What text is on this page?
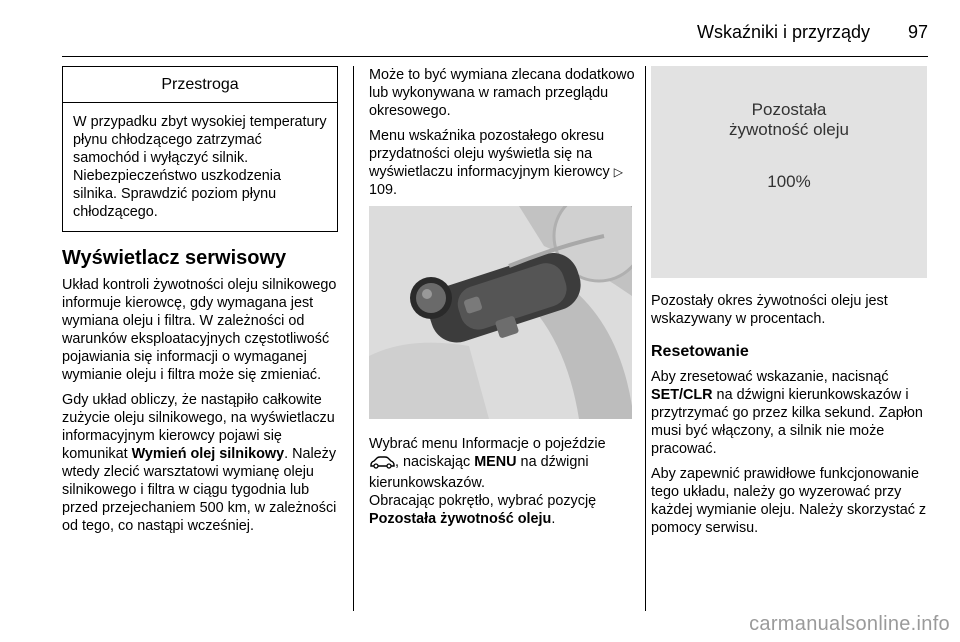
Wskaźniki i przyrządy 97
Przestroga
W przypadku zbyt wysokiej temperatury płynu chłodzącego zatrzymać samochód i wyłączyć silnik. Niebezpieczeństwo uszkodzenia silnika. Sprawdzić poziom płynu chłodzącego.
Wyświetlacz serwisowy

Układ kontroli żywotności oleju silnikowego informuje kierowcę, gdy wymagana jest wymiana oleju i filtra. W zależności od warunków eksploatacyjnych częstotliwość pojawiania się informacji o wymaganej wymianie oleju i filtra może się zmieniać.

Gdy układ obliczy, że nastąpiło całkowite zużycie oleju silnikowego, na wyświetlaczu informacyjnym kierowcy pojawi się komunikat Wymień olej silnikowy. Należy wtedy zlecić warsztatowi wymianę oleju silnikowego i filtra w ciągu tygodnia lub przed przejechaniem 500 km, w zależności od tego, co nastąpi wcześniej.

Może to być wymiana zlecana dodatkowo lub wykonywana w ramach przeglądu okresowego.

Menu wskaźnika pozostałego okresu przydatności oleju wyświetla się na wyświetlaczu informacyjnym kierowcy ▷ 109.

Wybrać menu Informacje o pojeździe , naciskając MENU na dźwigni kierunkowskazów.
Obracając pokrętło, wybrać pozycję Pozostała żywotność oleju.

Pozostała
żywotność oleju
100%

Pozostały okres żywotności oleju jest wskazywany w procentach.

Resetowanie

Aby zresetować wskazanie, nacisnąć SET/CLR na dźwigni kierunkowskazów i przytrzymać go przez kilka sekund. Zapłon musi być włączony, a silnik nie może pracować.

Aby zapewnić prawidłowe funkcjonowanie tego układu, należy go wyzerować przy każdej wymianie oleju. Należy skorzystać z pomocy serwisu.

carmanualsonline.info
